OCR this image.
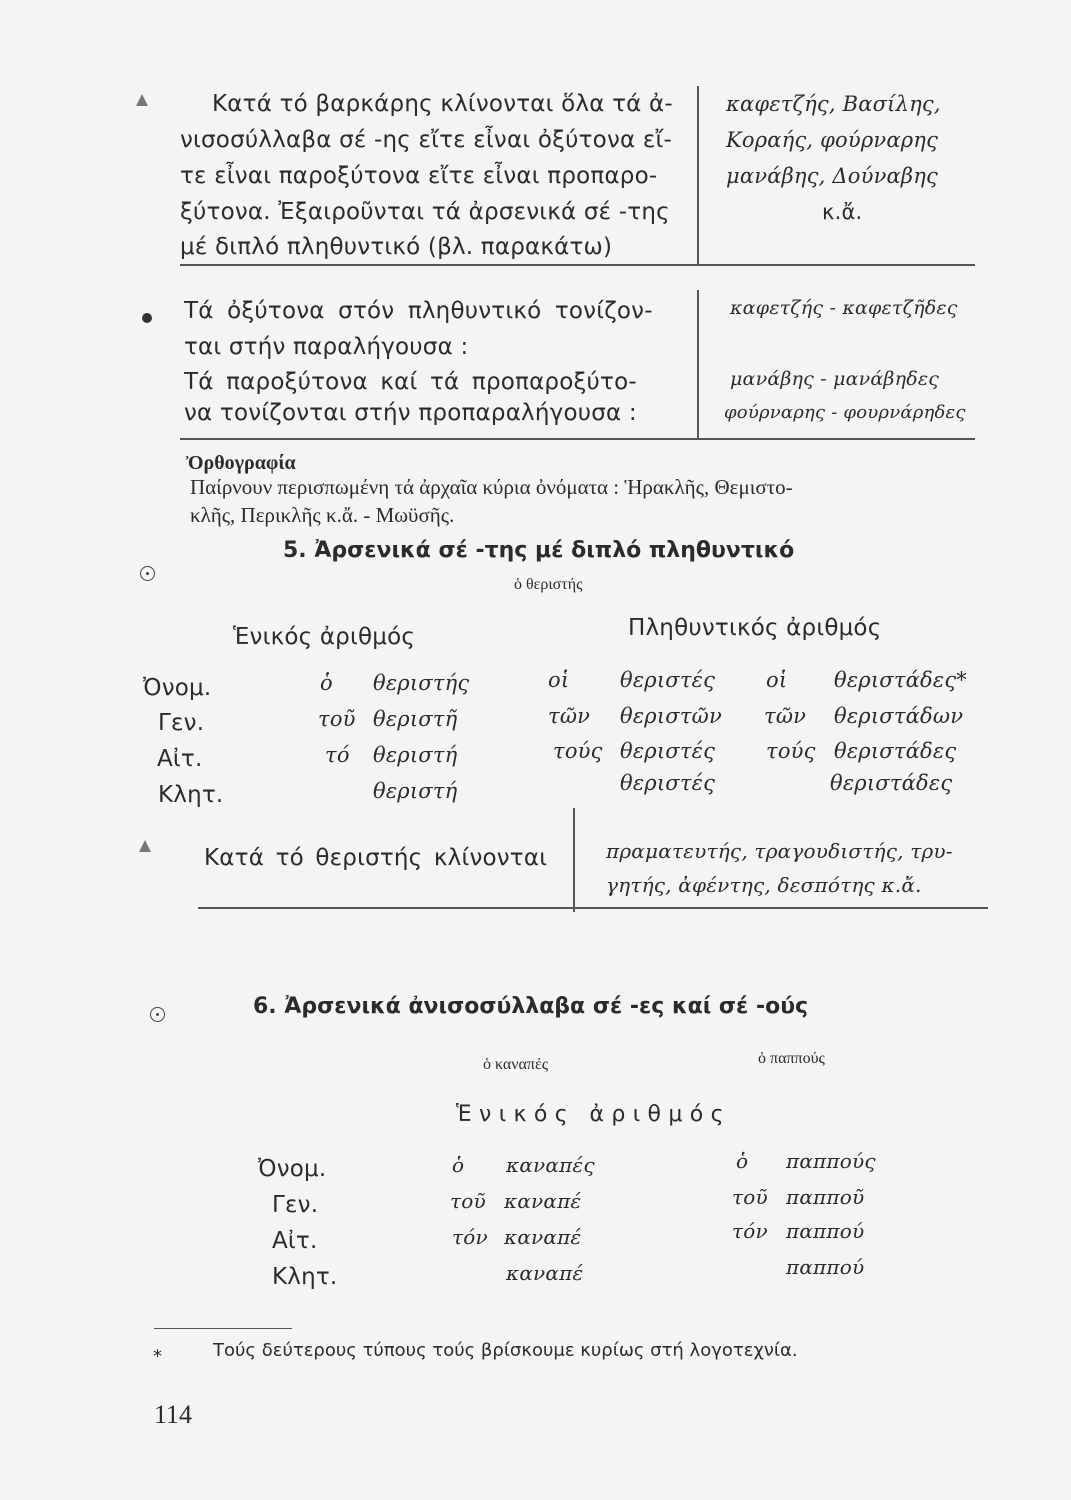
Κατά τό βαρκάρης κλίνονται ὅλα τά ἀ-
νισοσύλλαβα σέ -ης εἴτε εἶναι ὀξύτονα εἴ-
τε εἶναι παροξύτονα εἴτε εἶναι προπαρο-
ξύτονα. Ἐξαιροῦνται τά ἀρσενικά σέ -της
μέ διπλό πληθυντικό (βλ. παρακάτω)
καφετζής, Βασίλης,
Κοραής, φούρναρης
μανάβης, Δούναβης
κ.ἄ.
Τά ὀξύτονα στόν πληθυντικό τονίζον-
ται στήν παραλήγουσα :
Τά παροξύτονα καί τά προπαροξύτο-
να τονίζονται στήν προπαραλήγουσα :
καφετζής - καφετζῆδες
μανάβης - μανάβηδες
φούρναρης - φουρνάρηδες
Ὀρθογραφία
Παίρνουν περισπωμένη τά ἀρχαῖα κύρια ὀνόματα : Ἡρακλῆς, Θεμιστο-
κλῆς, Περικλῆς κ.ἄ. - Μωϋσῆς.
5. Ἀρσενικά σέ -της μέ διπλό πληθυντικό
ὁ θεριστής
Ἑνικός ἀριθμός	Πληθυντικός ἀριθμός
Ὀνομ.	ὁ θεριστής	οἱ θεριστές οἱ θεριστάδες*
Γεν.	τοῦ θεριστῆ	τῶν θεριστῶν τῶν θεριστάδων
Αἰτ.	τό θεριστή	τούς θεριστές τούς θεριστάδες
Κλητ.	θεριστή	θεριστές	θεριστάδες
Κατά τό θεριστής κλίνονται	πραματευτής, τραγουδιστής, τρυ-
γητής, ἀφέντης, δεσπότης κ.ἄ.
6. Ἀρσενικά ἀνισοσύλλαβα σέ -ες καί σέ -ούς
ὁ καναπές	ὁ παππούς
Ἑ ν ι κ ό ς   ἀ ρ ι θ μ ό ς
Ὀνομ.	ὁ καναπές	ὁ παππούς
Γεν.	τοῦ καναπέ	τοῦ παπποῦ
Αἰτ.	τόν καναπέ	τόν παππού
Κλητ.	καναπέ	παππού
*	Τούς δεύτερους τύπους τούς βρίσκουμε κυρίως στή λογοτεχνία.
114
